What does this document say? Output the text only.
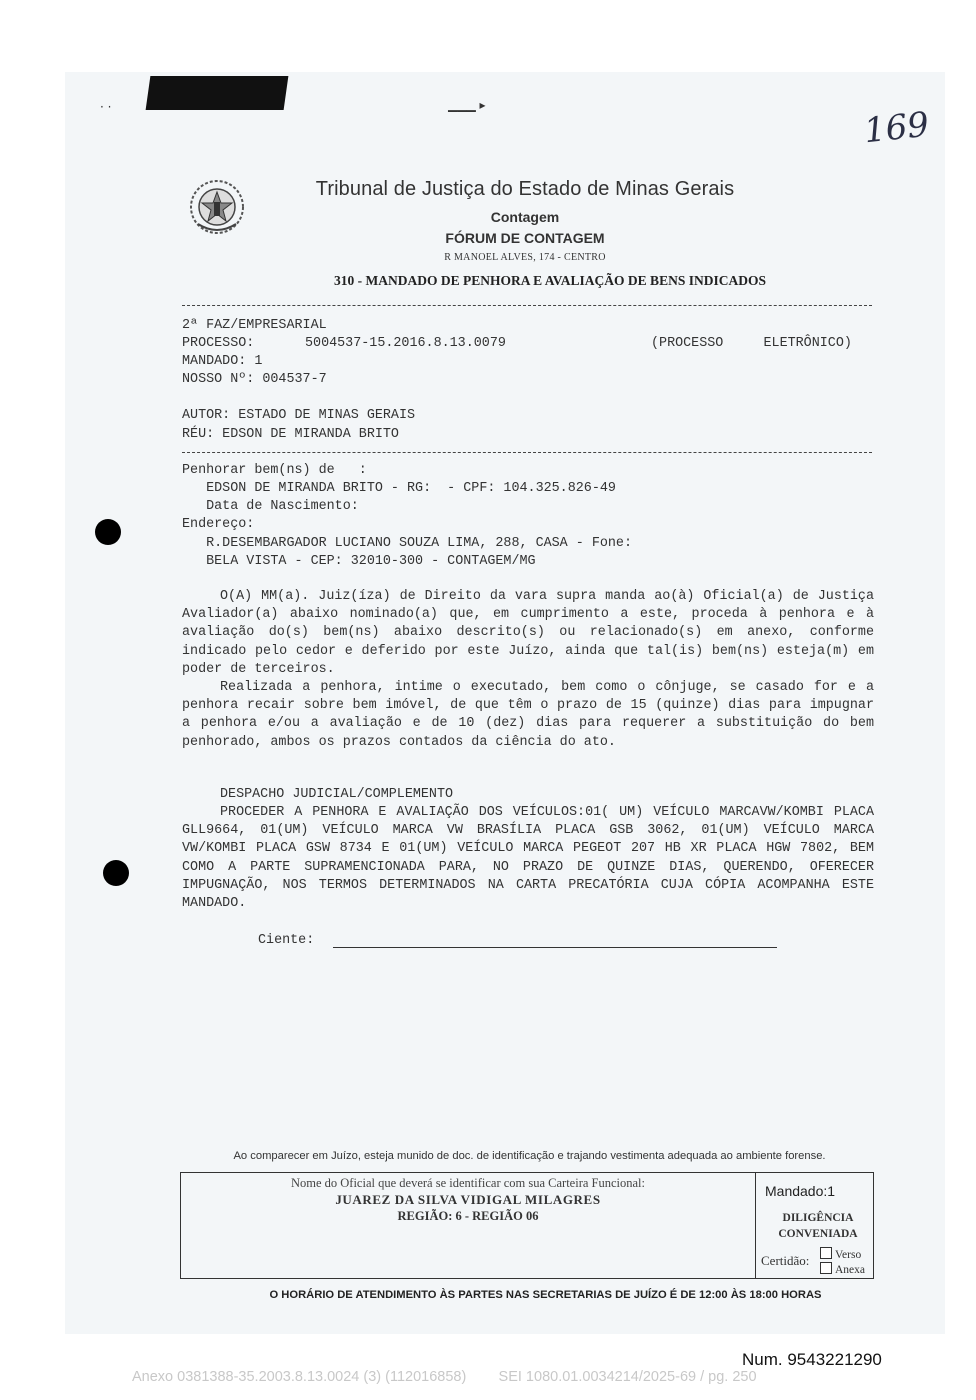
· ·	▁▁▁ ▸	169
Tribunal de Justiça do Estado de Minas Gerais
Contagem
FÓRUM DE CONTAGEM
R MANOEL ALVES, 174 - CENTRO
310 - MANDADO DE PENHORA E AVALIAÇÃO DE BENS INDICADOS
2ª FAZ/EMPRESARIAL
PROCESSO:	5004537-15.2016.8.13.0079	(PROCESSO     ELETRÔNICO)
MANDADO: 1
NOSSO Nº: 004537-7
AUTOR: ESTADO DE MINAS GERAIS
RÉU: EDSON DE MIRANDA BRITO
Penhorar bem(ns) de   :
EDSON DE MIRANDA BRITO - RG:  - CPF: 104.325.826-49
Data de Nascimento:
Endereço:
R.DESEMBARGADOR LUCIANO SOUZA LIMA, 288, CASA - Fone:
BELA VISTA - CEP: 32010-300 - CONTAGEM/MG
O(A) MM(a). Juiz(íza) de Direito da vara supra manda ao(à) Oficial(a) de Justiça Avaliador(a) abaixo nominado(a) que, em cumprimento a este, proceda à penhora e à avaliação do(s) bem(ns) abaixo descrito(s) ou relacionado(s) em anexo, conforme indicado pelo cedor e deferido por este Juízo, ainda que tal(is) bem(ns) esteja(m) em poder de terceiros.
Realizada a penhora, intime o executado, bem como o cônjuge, se casado for e a penhora recair sobre bem imóvel, de que têm o prazo de 15 (quinze) dias para impugnar a penhora e/ou a avaliação e de 10 (dez) dias para requerer a substituição do bem penhorado, ambos os prazos contados da ciência do ato.
DESPACHO JUDICIAL/COMPLEMENTO
PROCEDER A PENHORA E AVALIAÇÃO DOS VEÍCULOS:01( UM) VEÍCULO MARCAVW/KOMBI PLACA GLL9664, 01(UM) VEÍCULO MARCA VW BRASÍLIA PLACA GSB 3062, 01(UM) VEÍCULO MARCA VW/KOMBI PLACA GSW 8734 E 01(UM) VEÍCULO MARCA PEGEOT 207 HB XR PLACA HGW 7802, BEM COMO A PARTE SUPRAMENCIONADA PARA, NO PRAZO DE QUINZE DIAS, QUERENDO, OFERECER IMPUGNAÇÃO, NOS TERMOS DETERMINADOS NA CARTA PRECATÓRIA CUJA CÓPIA ACOMPANHA ESTE MANDADO.
Ciente:
Ao comparecer em Juízo, esteja munido de doc. de identificação e trajando vestimenta adequada ao ambiente forense.
Nome do Oficial que deverá se identificar com sua Carteira Funcional:
JUAREZ DA SILVA VIDIGAL MILAGRES
REGIÃO: 6 - REGIÃO 06
Mandado:1
DILIGÊNCIA
CONVENIADA
Certidão:	Verso
Anexa
O HORÁRIO DE ATENDIMENTO ÀS PARTES NAS SECRETARIAS DE JUÍZO É DE 12:00 ÀS 18:00 HORAS
Num. 9543221290
Anexo 0381388-35.2003.8.13.0024 (3) (112016858)        SEI 1080.01.0034214/2025-69 / pg. 250
